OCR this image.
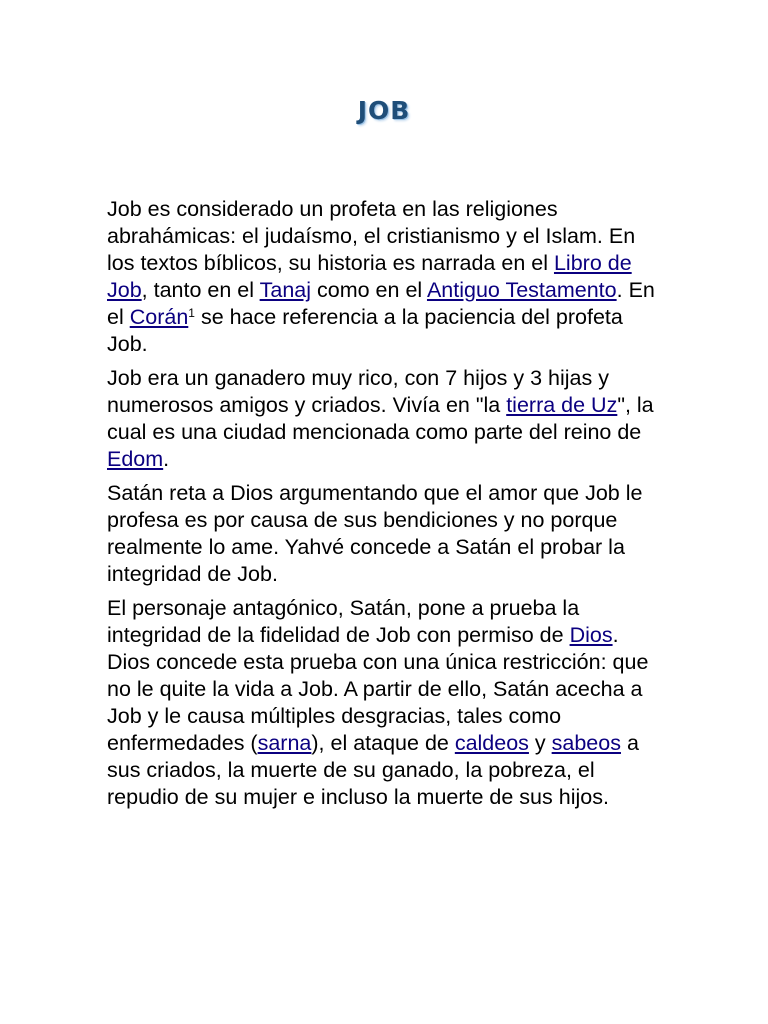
JOB

Job es considerado un profeta en las religiones abrahámicas: el judaísmo, el cristianismo y el Islam. En los textos bíblicos, su historia es narrada en el Libro de Job, tanto en el Tanaj como en el Antiguo Testamento. En el Corán$^1$ se hace referencia a la paciencia del profeta Job.

Job era un ganadero muy rico, con 7 hijos y 3 hijas y numerosos amigos y criados. Vivía en "la tierra de Uz", la cual es una ciudad mencionada como parte del reino de Edom.

Satán reta a Dios argumentando que el amor que Job le profesa es por causa de sus bendiciones y no porque realmente lo ame. Yahvé concede a Satán el probar la integridad de Job.

El personaje antagónico, Satán, pone a prueba la integridad de la fidelidad de Job con permiso de Dios. Dios concede esta prueba con una única restricción: que no le quite la vida a Job. A partir de ello, Satán acecha a Job y le causa múltiples desgracias, tales como enfermedades (sarna), el ataque de caldeos y sabeos a sus criados, la muerte de su ganado, la pobreza, el repudio de su mujer e incluso la muerte de sus hijos.
